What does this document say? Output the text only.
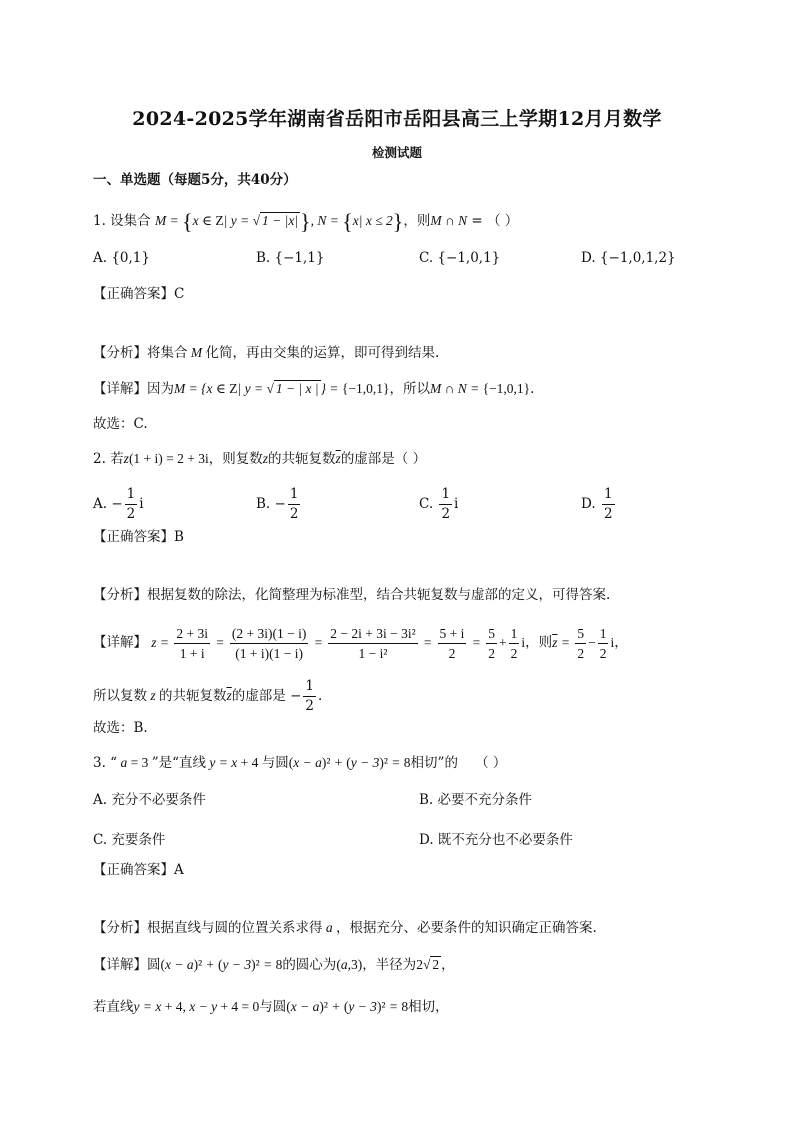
2024-2025学年湖南省岳阳市岳阳县高三上学期12月月数学
检测试题
一、单选题（每题5分，共40分）
1. 设集合 M = {x ∈ Z| y = √ 1 − |x|}, N = {x| x ≤ 2}，则M ∩ N = （ ）
A. {0,1}	B. {−1,1}	C. {−1,0,1}	D. {−1,0,1,2}
【正确答案】C
【分析】将集合 M 化简，再由交集的运算，即可得到结果.
【详解】因为M = {x ∈ Z| y = √ 1 − | x | } = {−1,0,1}，所以M ∩ N = {−1,0,1}.
故选：C.
2. 若z(1 + i) = 2 + 3i，则复数z的共轭复数$\overline{z}$的虚部是（ ）
A. − $\frac{1}{2}$ i	B. − $\frac{1}{2}$	C. $\frac{1}{2}$ i	D. $\frac{1}{2}$
【正确答案】B
【分析】根据复数的除法，化简整理为标准型，结合共轭复数与虚部的定义，可得答案.
【详解】 $z = \frac{2 + 3i}{1 + i} = \frac{(2 + 3i)(1 - i)}{(1 + i)(1 - i)} = \frac{\text{2 − 2i + 3i − 3i²}}{\text{1 − i²}} = \frac{5 + i}{2} = \frac{5}{2} + \frac{1}{2}$ i，则$\overline{z} = \frac{5}{2} - \frac{1}{2}$ i，
所以复数 z 的共轭复数$\overline{z}$的虚部是 − $\frac{1}{2}$ .
故选：B.
3. “ a = 3 ”是“直线 y = x + 4 与圆(x − a)² + (y − 3)² = 8相切”的 （ ）
A. 充分不必要条件	B. 必要不充分条件
C. 充要条件	D. 既不充分也不必要条件
【正确答案】A
【分析】根据直线与圆的位置关系求得 a ，根据充分、必要条件的知识确定正确答案.
【详解】圆(x − a)² + (y − 3)² = 8的圆心为(a,3)，半径为2√ 2 ，
若直线y = x + 4, x − y + 4 = 0与圆(x − a)² + (y − 3)² = 8相切，
